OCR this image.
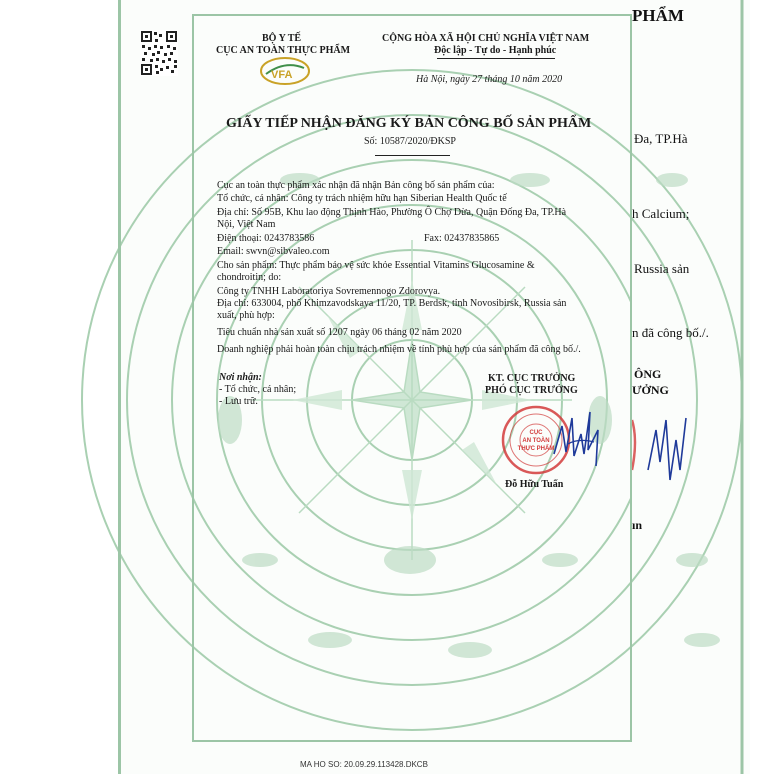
BỘ Y TẾ
CỤC AN TOÀN THỰC PHẨM
VFA
CỘNG HÒA XÃ HỘI CHỦ NGHĨA VIỆT NAM
Độc lập - Tự do - Hạnh phúc
Hà Nội, ngày 27 tháng 10 năm 2020
GIẤY TIẾP NHẬN ĐĂNG KÝ BẢN CÔNG BỐ SẢN PHẨM
Số: 10587/2020/ĐKSP
Cục an toàn thực phẩm xác nhận đã nhận Bản công bố sản phẩm của:
Tổ chức, cá nhân: Công ty trách nhiệm hữu hạn Siberian Health Quốc tế
Địa chỉ: Số 95B, Khu lao động Thịnh Hào, Phường Ô Chợ Dừa, Quận Đống Đa, TP.Hà
Nội, Việt Nam
Điện thoại: 0243783586	Fax: 02437835865
Email: swvn@sibvaleo.com
Cho sản phẩm: Thực phẩm bảo vệ sức khỏe Essential Vitamins Glucosamine &
chondroitin; do:
Công ty TNHH Laboratoriya Sovremennogo Zdorovya.
Địa chỉ: 633004, phố Khimzavodskaya 11/20, TP. Berdsk, tỉnh Novosibirsk, Russia sản
xuất, phù hợp:
Tiêu chuẩn nhà sản xuất số 1207 ngày 06 tháng 02 năm 2020
Doanh nghiệp phải hoàn toàn chịu trách nhiệm về tính phù hợp của sản phẩm đã công bố./.
Nơi nhận:
- Tổ chức, cá nhân;
- Lưu trữ.
KT. CỤC TRƯỞNG
PHÓ CỤC TRƯỞNG
CỤC
AN TOÀN
THỰC PHẨM
Đỗ Hữu Tuấn
PHẨM
Đa, TP.Hà
h Calcium;
Russia sản
n đã công bố./.
ÔNG
ƯỞNG
ın
MA HO SO: 20.09.29.113428.DKCB
